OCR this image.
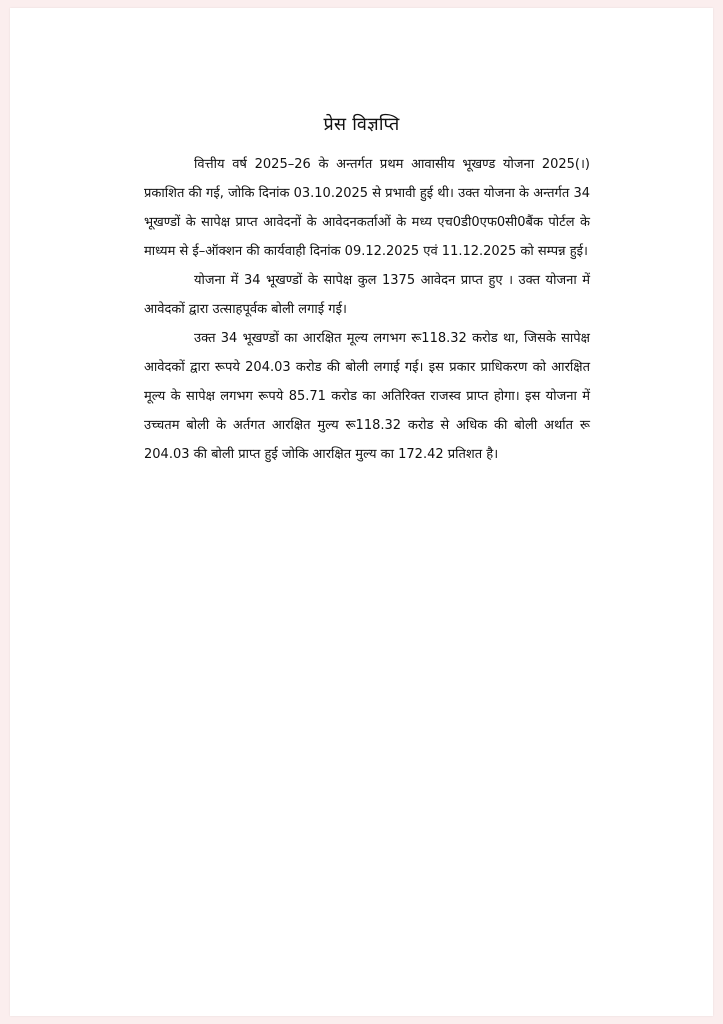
प्रेस विज्ञप्ति

वित्तीय वर्ष 2025–26 के अन्तर्गत प्रथम आवासीय भूखण्ड योजना 2025(।) प्रकाशित की गई, जोकि दिनांक 03.10.2025 से प्रभावी हुई थी। उक्त योजना के अन्तर्गत 34 भूखण्डों के सापेक्ष प्राप्त आवेदनों के आवेदनकर्ताओं के मध्य एच0डी0एफ0सी0बैंक पोर्टल के माध्यम से ई–ऑक्शन की कार्यवाही दिनांक 09.12.2025 एवं 11.12.2025 को सम्पन्न हुई।

योजना में 34 भूखण्डों के सापेक्ष कुल 1375 आवेदन प्राप्त हुए । उक्त योजना में आवेदकों द्वारा उत्साहपूर्वक बोली लगाई गई।

उक्त 34 भूखण्डों का आरक्षित मूल्य लगभग रू118.32 करोड था, जिसके सापेक्ष आवेदकों द्वारा रूपये 204.03 करोड की बोली लगाई गई। इस प्रकार प्राधिकरण को आरक्षित मूल्य के सापेक्ष लगभग रूपये 85.71 करोड का अतिरिक्त राजस्व प्राप्त होगा। इस योजना में उच्चतम बोली के अर्तगत आरक्षित मुल्य रू118.32 करोड से अधिक की बोली अर्थात रू 204.03 की बोली प्राप्त हुई जोकि आरक्षित मुल्य का 172.42 प्रतिशत है।
